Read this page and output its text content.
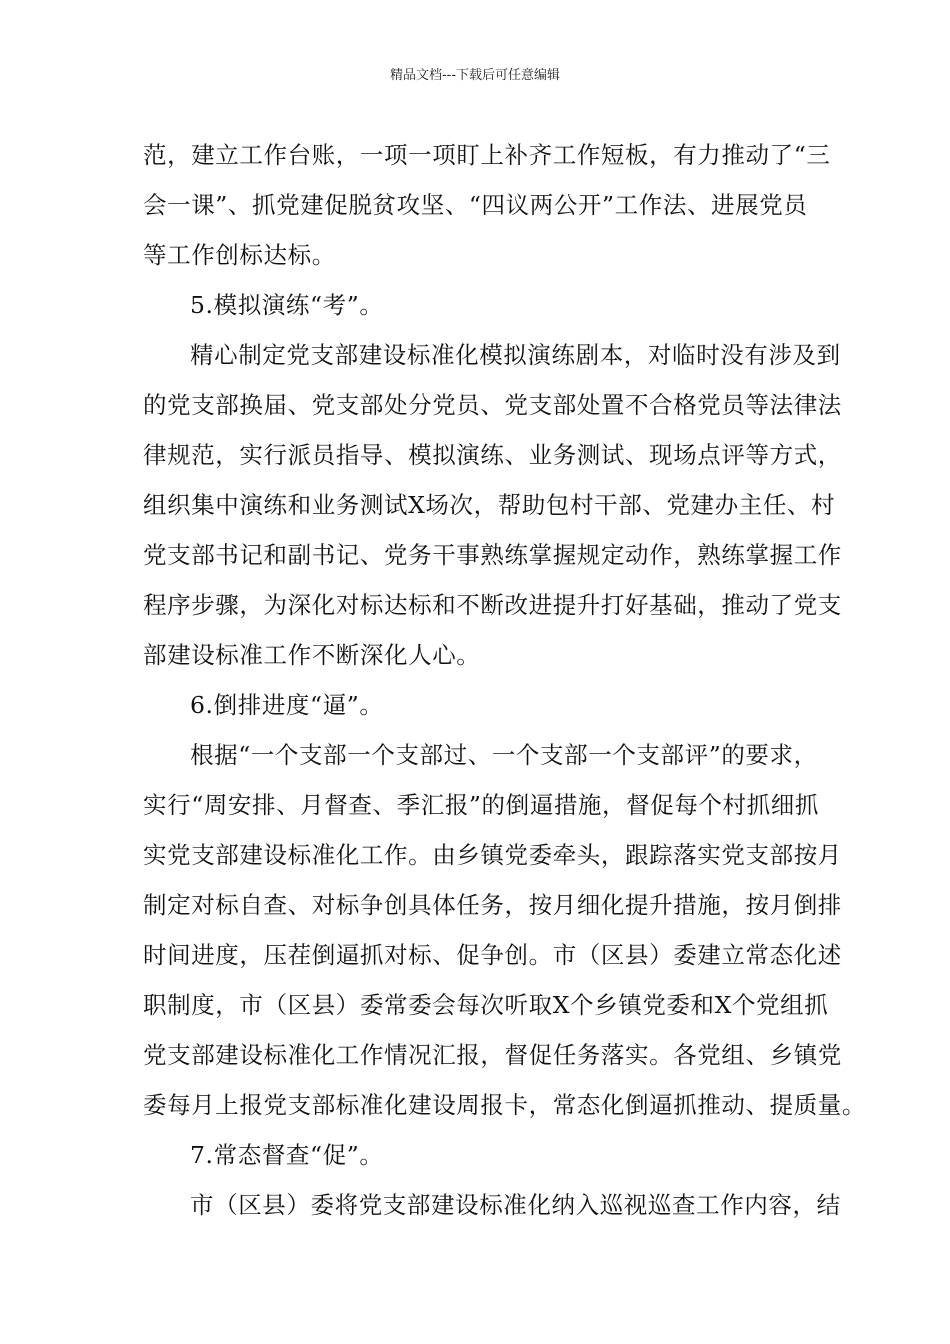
精品文档---下载后可任意编辑
范，建立工作台账，一项一项盯上补齐工作短板，有力推动了“三
会一课”、抓党建促脱贫攻坚、“四议两公开”工作法、进展党员
等工作创标达标。
5.模拟演练“考”。
精心制定党支部建设标准化模拟演练剧本，对临时没有涉及到
的党支部换届、党支部处分党员、党支部处置不合格党员等法律法
律规范，实行派员指导、模拟演练、业务测试、现场点评等方式，
组织集中演练和业务测试X场次，帮助包村干部、党建办主任、村
党支部书记和副书记、党务干事熟练掌握规定动作，熟练掌握工作
程序步骤，为深化对标达标和不断改进提升打好基础，推动了党支
部建设标准工作不断深化人心。
6.倒排进度“逼”。
根据“一个支部一个支部过、一个支部一个支部评”的要求，
实行“周安排、月督查、季汇报”的倒逼措施，督促每个村抓细抓
实党支部建设标准化工作。由乡镇党委牵头，跟踪落实党支部按月
制定对标自查、对标争创具体任务，按月细化提升措施，按月倒排
时间进度，压茬倒逼抓对标、促争创。市（区县）委建立常态化述
职制度，市（区县）委常委会每次听取X个乡镇党委和X个党组抓
党支部建设标准化工作情况汇报，督促任务落实。各党组、乡镇党
委每月上报党支部标准化建设周报卡，常态化倒逼抓推动、提质量。
7.常态督查“促”。
市（区县）委将党支部建设标准化纳入巡视巡查工作内容，结
